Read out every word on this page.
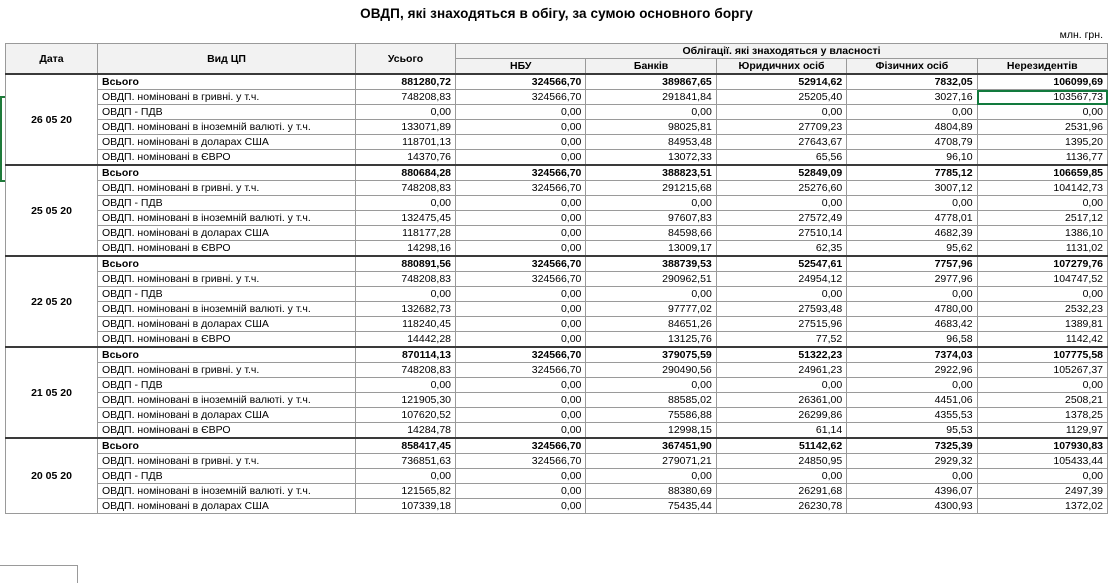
ОВДП, які знаходяться в обігу, за сумою основного боргу
млн. грн.
Дата	Вид ЦП	Усього	Облігації. які знаходяться у власності				
			НБУ	Банків	Юридичних осіб	Фізичних осіб	Нерезидентів
26 05 20	Всього	881280,72	324566,70	389867,65	52914,62	7832,05	106099,69
	ОВДП. номіновані в гривні. у т.ч.	748208,83	324566,70	291841,84	25205,40	3027,16	103567,73
	ОВДП - ПДВ	0,00	0,00	0,00	0,00	0,00	0,00
	ОВДП. номіновані в іноземній валюті. у т.ч.	133071,89	0,00	98025,81	27709,23	4804,89	2531,96
	ОВДП. номіновані в доларах США	118701,13	0,00	84953,48	27643,67	4708,79	1395,20
	ОВДП. номіновані в ЄВРО	14370,76	0,00	13072,33	65,56	96,10	1136,77
25 05 20	Всього	880684,28	324566,70	388823,51	52849,09	7785,12	106659,85
	ОВДП. номіновані в гривні. у т.ч.	748208,83	324566,70	291215,68	25276,60	3007,12	104142,73
	ОВДП - ПДВ	0,00	0,00	0,00	0,00	0,00	0,00
	ОВДП. номіновані в іноземній валюті. у т.ч.	132475,45	0,00	97607,83	27572,49	4778,01	2517,12
	ОВДП. номіновані в доларах США	118177,28	0,00	84598,66	27510,14	4682,39	1386,10
	ОВДП. номіновані в ЄВРО	14298,16	0,00	13009,17	62,35	95,62	1131,02
22 05 20	Всього	880891,56	324566,70	388739,53	52547,61	7757,96	107279,76
	ОВДП. номіновані в гривні. у т.ч.	748208,83	324566,70	290962,51	24954,12	2977,96	104747,52
	ОВДП - ПДВ	0,00	0,00	0,00	0,00	0,00	0,00
	ОВДП. номіновані в іноземній валюті. у т.ч.	132682,73	0,00	97777,02	27593,48	4780,00	2532,23
	ОВДП. номіновані в доларах США	118240,45	0,00	84651,26	27515,96	4683,42	1389,81
	ОВДП. номіновані в ЄВРО	14442,28	0,00	13125,76	77,52	96,58	1142,42
21 05 20	Всього	870114,13	324566,70	379075,59	51322,23	7374,03	107775,58
	ОВДП. номіновані в гривні. у т.ч.	748208,83	324566,70	290490,56	24961,23	2922,96	105267,37
	ОВДП - ПДВ	0,00	0,00	0,00	0,00	0,00	0,00
	ОВДП. номіновані в іноземній валюті. у т.ч.	121905,30	0,00	88585,02	26361,00	4451,06	2508,21
	ОВДП. номіновані в доларах США	107620,52	0,00	75586,88	26299,86	4355,53	1378,25
	ОВДП. номіновані в ЄВРО	14284,78	0,00	12998,15	61,14	95,53	1129,97
20 05 20	Всього	858417,45	324566,70	367451,90	51142,62	7325,39	107930,83
	ОВДП. номіновані в гривні. у т.ч.	736851,63	324566,70	279071,21	24850,95	2929,32	105433,44
	ОВДП - ПДВ	0,00	0,00	0,00	0,00	0,00	0,00
	ОВДП. номіновані в іноземній валюті. у т.ч.	121565,82	0,00	88380,69	26291,68	4396,07	2497,39
	ОВДП. номіновані в доларах США	107339,18	0,00	75435,44	26230,78	4300,93	1372,02
